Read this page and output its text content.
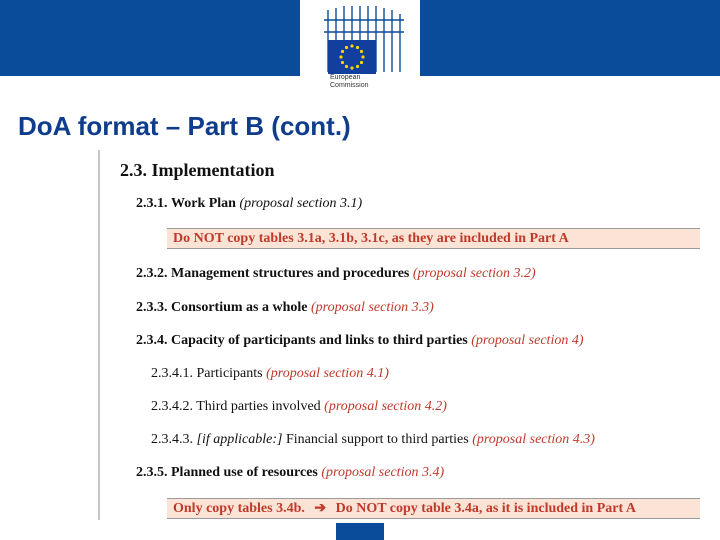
European
Commission
DoA format – Part B (cont.)
2.3. Implementation
2.3.1. Work Plan (proposal section 3.1)
Do NOT copy tables 3.1a, 3.1b, 3.1c, as they are included in Part A
2.3.2. Management structures and procedures (proposal section 3.2)
2.3.3. Consortium as a whole (proposal section 3.3)
2.3.4. Capacity of participants and links to third parties (proposal section 4)
2.3.4.1. Participants (proposal section 4.1)
2.3.4.2. Third parties involved (proposal section 4.2)
2.3.4.3. [if applicable:] Financial support to third parties (proposal section 4.3)
2.3.5. Planned use of resources (proposal section 3.4)
Only copy tables 3.4b. ➔ Do NOT copy table 3.4a, as it is included in Part A
